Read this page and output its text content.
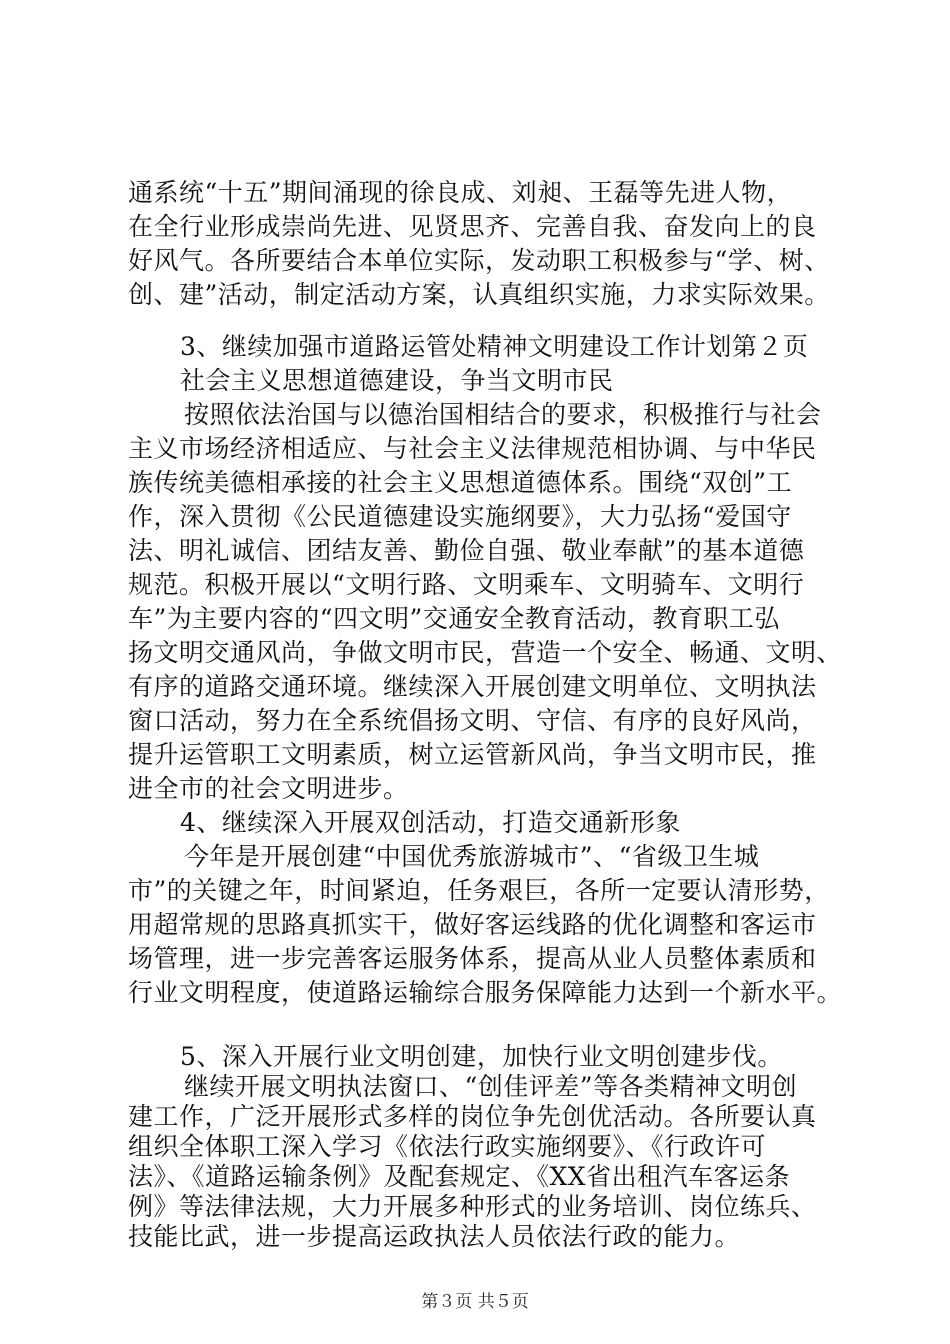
通系统“十五”期间涌现的徐良成、刘昶、王磊等先进人物，
在全行业形成崇尚先进、见贤思齐、完善自我、奋发向上的良
好风气。各所要结合本单位实际，发动职工积极参与“学、树、
创、建”活动，制定活动方案，认真组织实施，力求实际效果。
3、继续加强市道路运管处精神文明建设工作计划第２页
社会主义思想道德建设，争当文明市民
按照依法治国与以德治国相结合的要求，积极推行与社会
主义市场经济相适应、与社会主义法律规范相协调、与中华民
族传统美德相承接的社会主义思想道德体系。围绕“双创”工
作，深入贯彻《公民道德建设实施纲要》，大力弘扬“爱国守
法、明礼诚信、团结友善、勤俭自强、敬业奉献”的基本道德
规范。积极开展以“文明行路、文明乘车、文明骑车、文明行
车”为主要内容的“四文明”交通安全教育活动，教育职工弘
扬文明交通风尚，争做文明市民，营造一个安全、畅通、文明、
有序的道路交通环境。继续深入开展创建文明单位、文明执法
窗口活动，努力在全系统倡扬文明、守信、有序的良好风尚，
提升运管职工文明素质，树立运管新风尚，争当文明市民，推
进全市的社会文明进步。
4、继续深入开展双创活动，打造交通新形象
今年是开展创建“中国优秀旅游城市”、“省级卫生城
市”的关键之年，时间紧迫，任务艰巨，各所一定要认清形势，
用超常规的思路真抓实干，做好客运线路的优化调整和客运市
场管理，进一步完善客运服务体系，提高从业人员整体素质和
行业文明程度，使道路运输综合服务保障能力达到一个新水平。
5、深入开展行业文明创建，加快行业文明创建步伐。
继续开展文明执法窗口、“创佳评差”等各类精神文明创
建工作，广泛开展形式多样的岗位争先创优活动。各所要认真
组织全体职工深入学习《依法行政实施纲要》、《行政许可
法》、《道路运输条例》及配套规定、《XX省出租汽车客运条
例》等法律法规，大力开展多种形式的业务培训、岗位练兵、
技能比武，进一步提高运政执法人员依法行政的能力。
第３页 共５页
